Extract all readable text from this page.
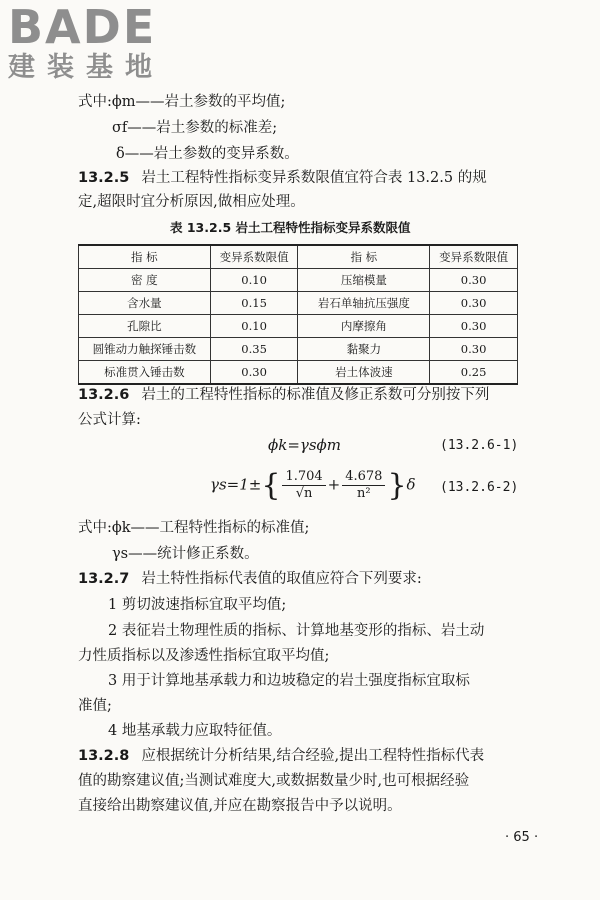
BADE
建装基地
式中:ϕm——岩土参数的平均值;
σf——岩土参数的标准差;
δ——岩土参数的变异系数。
13.2.5 岩土工程特性指标变异系数限值宜符合表 13.2.5 的规
定,超限时宜分析原因,做相应处理。
表 13.2.5 岩土工程特性指标变异系数限值
指 标	变异系数限值	指 标	变异系数限值
密 度	0.10	压缩模量	0.30
含水量	0.15	岩石单轴抗压强度	0.30
孔隙比	0.10	内摩擦角	0.30
圆锥动力触探锤击数	0.35	黏聚力	0.30
标准贯入锤击数	0.30	岩土体波速	0.25
13.2.6 岩土的工程特性指标的标准值及修正系数可分别按下列
公式计算:
ϕk=γsϕm	(13.2.6-1)
$\gamma s=1\pm\{ \frac{1.704}{√n} + \frac{4.678}{\text{n²}} \}\delta$ (13.2.6-2)
式中:ϕk——工程特性指标的标准值;
γs——统计修正系数。
13.2.7 岩土特性指标代表值的取值应符合下列要求:
1 剪切波速指标宜取平均值;
2 表征岩土物理性质的指标、计算地基变形的指标、岩土动
力性质指标以及渗透性指标宜取平均值;
3 用于计算地基承载力和边坡稳定的岩土强度指标宜取标
准值;
4 地基承载力应取特征值。
13.2.8 应根据统计分析结果,结合经验,提出工程特性指标代表
值的勘察建议值;当测试难度大,或数据数量少时,也可根据经验
直接给出勘察建议值,并应在勘察报告中予以说明。
· 65 ·
